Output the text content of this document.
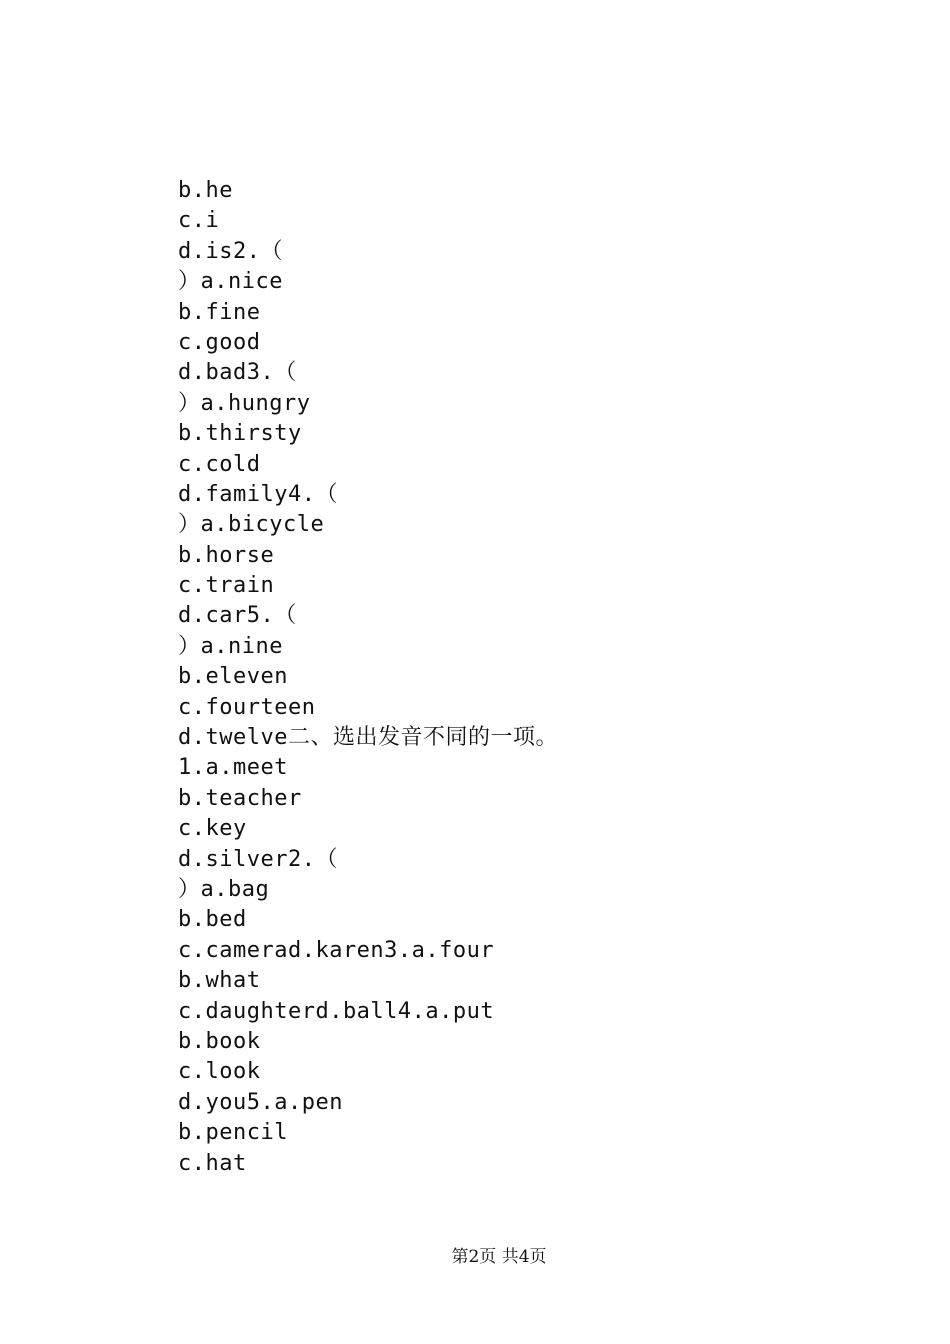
b.he
c.i
d.is2.（
）a.nice
b.fine
c.good
d.bad3.（
）a.hungry
b.thirsty
c.cold
d.family4.（
）a.bicycle
b.horse
c.train
d.car5.（
）a.nine
b.eleven
c.fourteen
d.twelve二、选出发音不同的一项。
1.a.meet
b.teacher
c.key
d.silver2.（
）a.bag
b.bed
c.camerad.karen3.a.four
b.what
c.daughterd.ball4.a.put
b.book
c.look
d.you5.a.pen
b.pencil
c.hat
第2页 共4页
